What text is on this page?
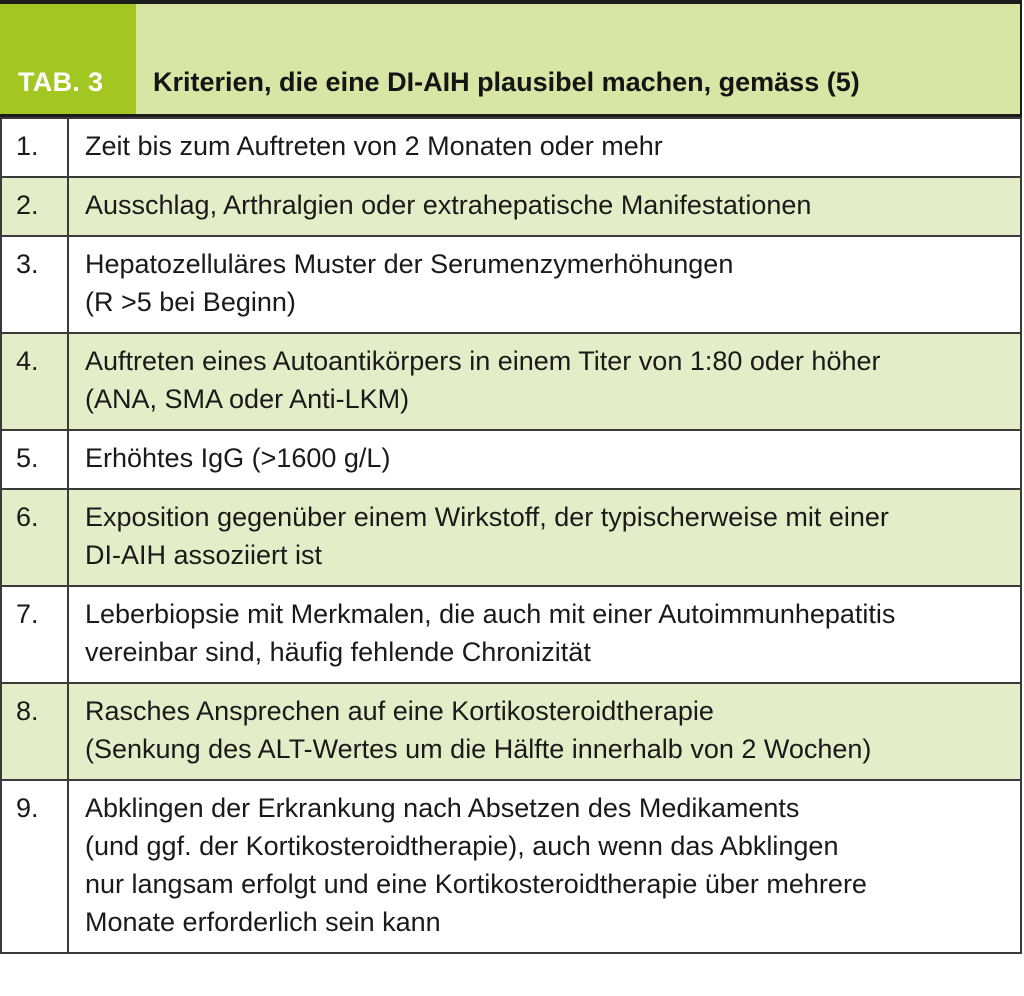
TAB. 3	Kriterien, die eine DI-AIH plausibel machen, gemäss (5)
1.	Zeit bis zum Auftreten von 2 Monaten oder mehr

2.	Ausschlag, Arthralgien oder extrahepatische Manifestationen

3.	Hepatozelluläres Muster der Serumenzymerhöhungen
(R >5 bei Beginn)

4.	Auftreten eines Autoantikörpers in einem Titer von 1:80 oder höher
(ANA, SMA oder Anti-LKM)

5.	Erhöhtes IgG (>1600 g/L)

6.	Exposition gegenüber einem Wirkstoff, der typischerweise mit einer
DI-AIH assoziiert ist

7.	Leberbiopsie mit Merkmalen, die auch mit einer Autoimmunhepatitis
vereinbar sind, häufig fehlende Chronizität

8.	Rasches Ansprechen auf eine Kortikosteroidtherapie
(Senkung des ALT-Wertes um die Hälfte innerhalb von 2 Wochen)

9.	Abklingen der Erkrankung nach Absetzen des Medikaments
(und ggf. der Kortikosteroidtherapie), auch wenn das Abklingen
nur langsam erfolgt und eine Kortikosteroidtherapie über mehrere
Monate erforderlich sein kann
